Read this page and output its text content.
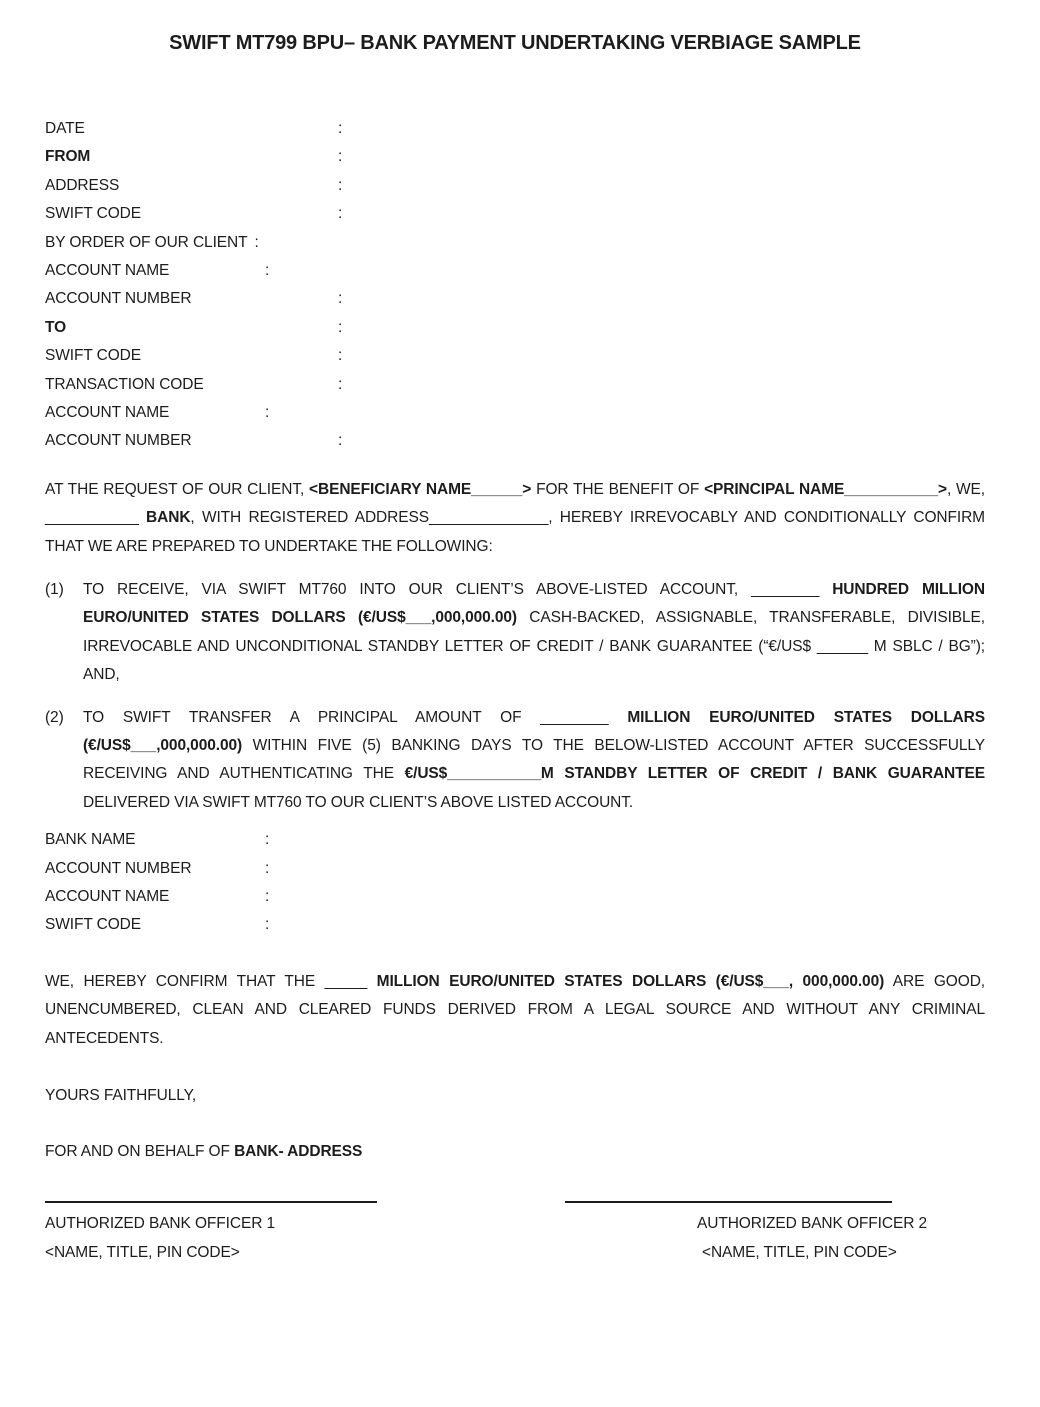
SWIFT MT799 BPU– BANK PAYMENT UNDERTAKING VERBIAGE SAMPLE
DATE	:
FROM	:
ADDRESS	:
SWIFT CODE	:
BY ORDER OF OUR CLIENT :
ACCOUNT NAME	:
ACCOUNT NUMBER	:
TO	:
SWIFT CODE	:
TRANSACTION CODE	:
ACCOUNT NAME	:
ACCOUNT NUMBER	:

AT THE REQUEST OF OUR CLIENT, <BENEFICIARY NAME______> FOR THE BENEFIT OF <PRINCIPAL NAME___________>, WE, ___________ BANK, WITH REGISTERED ADDRESS______________, HEREBY IRREVOCABLY AND CONDITIONALLY CONFIRM THAT WE ARE PREPARED TO UNDERTAKE THE FOLLOWING:

(1) TO RECEIVE, VIA SWIFT MT760 INTO OUR CLIENT’S ABOVE-LISTED ACCOUNT, ________ HUNDRED MILLION EURO/UNITED STATES DOLLARS (€/US$___,000,000.00) CASH-BACKED, ASSIGNABLE, TRANSFERABLE, DIVISIBLE, IRREVOCABLE AND UNCONDITIONAL STANDBY LETTER OF CREDIT / BANK GUARANTEE (“€/US$ ______ M SBLC / BG”); AND,
(2) TO SWIFT TRANSFER A PRINCIPAL AMOUNT OF ________ MILLION EURO/UNITED STATES DOLLARS (€/US$___,000,000.00) WITHIN FIVE (5) BANKING DAYS TO THE BELOW-LISTED ACCOUNT AFTER SUCCESSFULLY RECEIVING AND AUTHENTICATING THE €/US$___________M STANDBY LETTER OF CREDIT / BANK GUARANTEE DELIVERED VIA SWIFT MT760 TO OUR CLIENT’S ABOVE LISTED ACCOUNT.
BANK NAME	:
ACCOUNT NUMBER	:
ACCOUNT NAME	:
SWIFT CODE	:

WE, HEREBY CONFIRM THAT THE _____ MILLION EURO/UNITED STATES DOLLARS (€/US$___, 000,000.00) ARE GOOD, UNENCUMBERED, CLEAN AND CLEARED FUNDS DERIVED FROM A LEGAL SOURCE AND WITHOUT ANY CRIMINAL ANTECEDENTS.

YOURS FAITHFULLY,

FOR AND ON BEHALF OF BANK- ADDRESS

AUTHORIZED BANK OFFICER 1
<NAME, TITLE, PIN CODE>
AUTHORIZED BANK OFFICER 2
<NAME, TITLE, PIN CODE>
